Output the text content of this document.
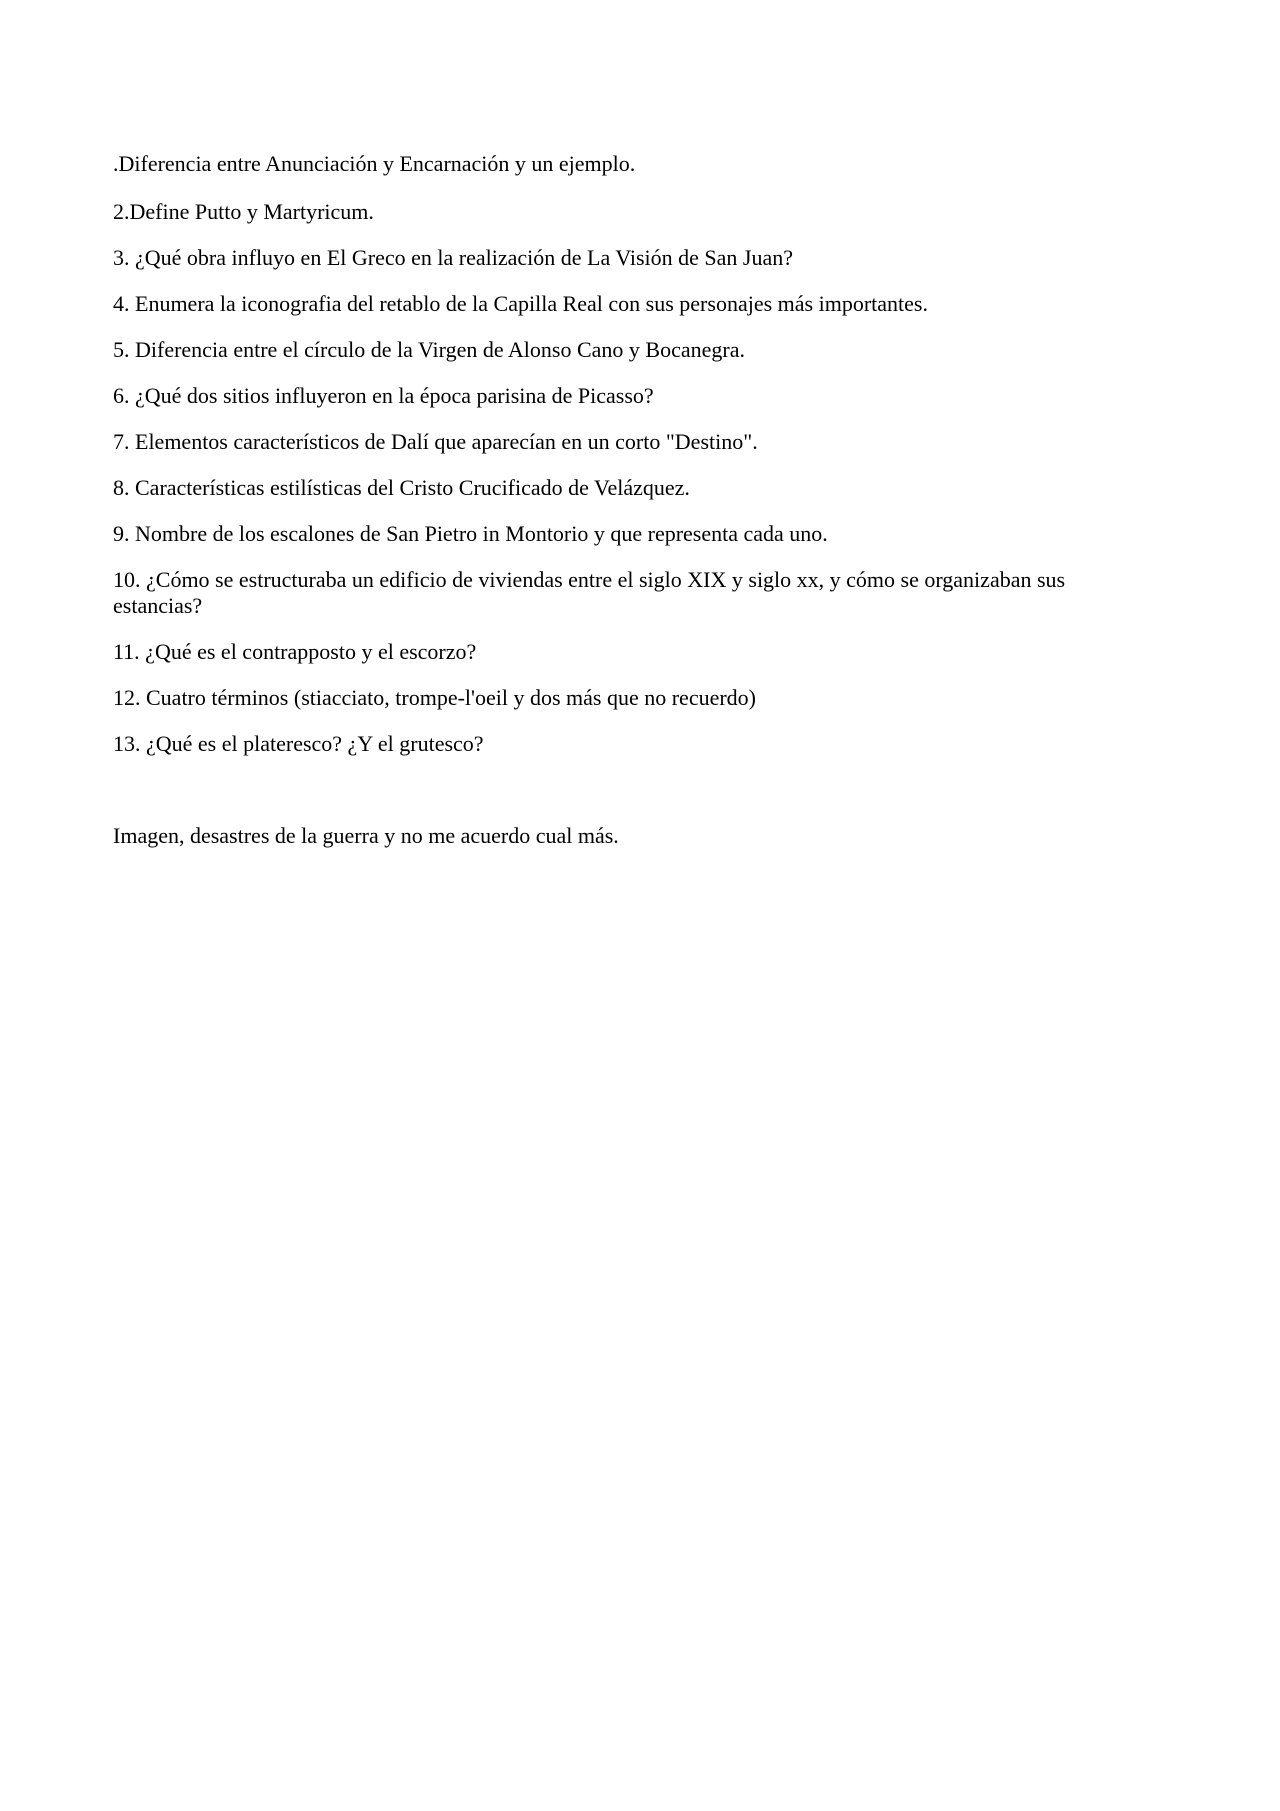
.Diferencia entre Anunciación y Encarnación y un ejemplo.

2.Define Putto y Martyricum.

3. ¿Qué obra influyo en El Greco en la realización de La Visión de San Juan?

4. Enumera la iconografia del retablo de la Capilla Real con sus personajes más importantes.

5. Diferencia entre el círculo de la Virgen de Alonso Cano y Bocanegra.

6. ¿Qué dos sitios influyeron en la época parisina de Picasso?

7. Elementos característicos de Dalí que aparecían en un corto "Destino".

8. Características estilísticas del Cristo Crucificado de Velázquez.

9. Nombre de los escalones de San Pietro in Montorio y que representa cada uno.

10. ¿Cómo se estructuraba un edificio de viviendas entre el siglo XIX y siglo xx, y cómo se organizaban sus estancias?

11. ¿Qué es el contrapposto y el escorzo?

12. Cuatro términos (stiacciato, trompe-l'oeil y dos más que no recuerdo)

13. ¿Qué es el plateresco? ¿Y el grutesco?

Imagen, desastres de la guerra y no me acuerdo cual más.
